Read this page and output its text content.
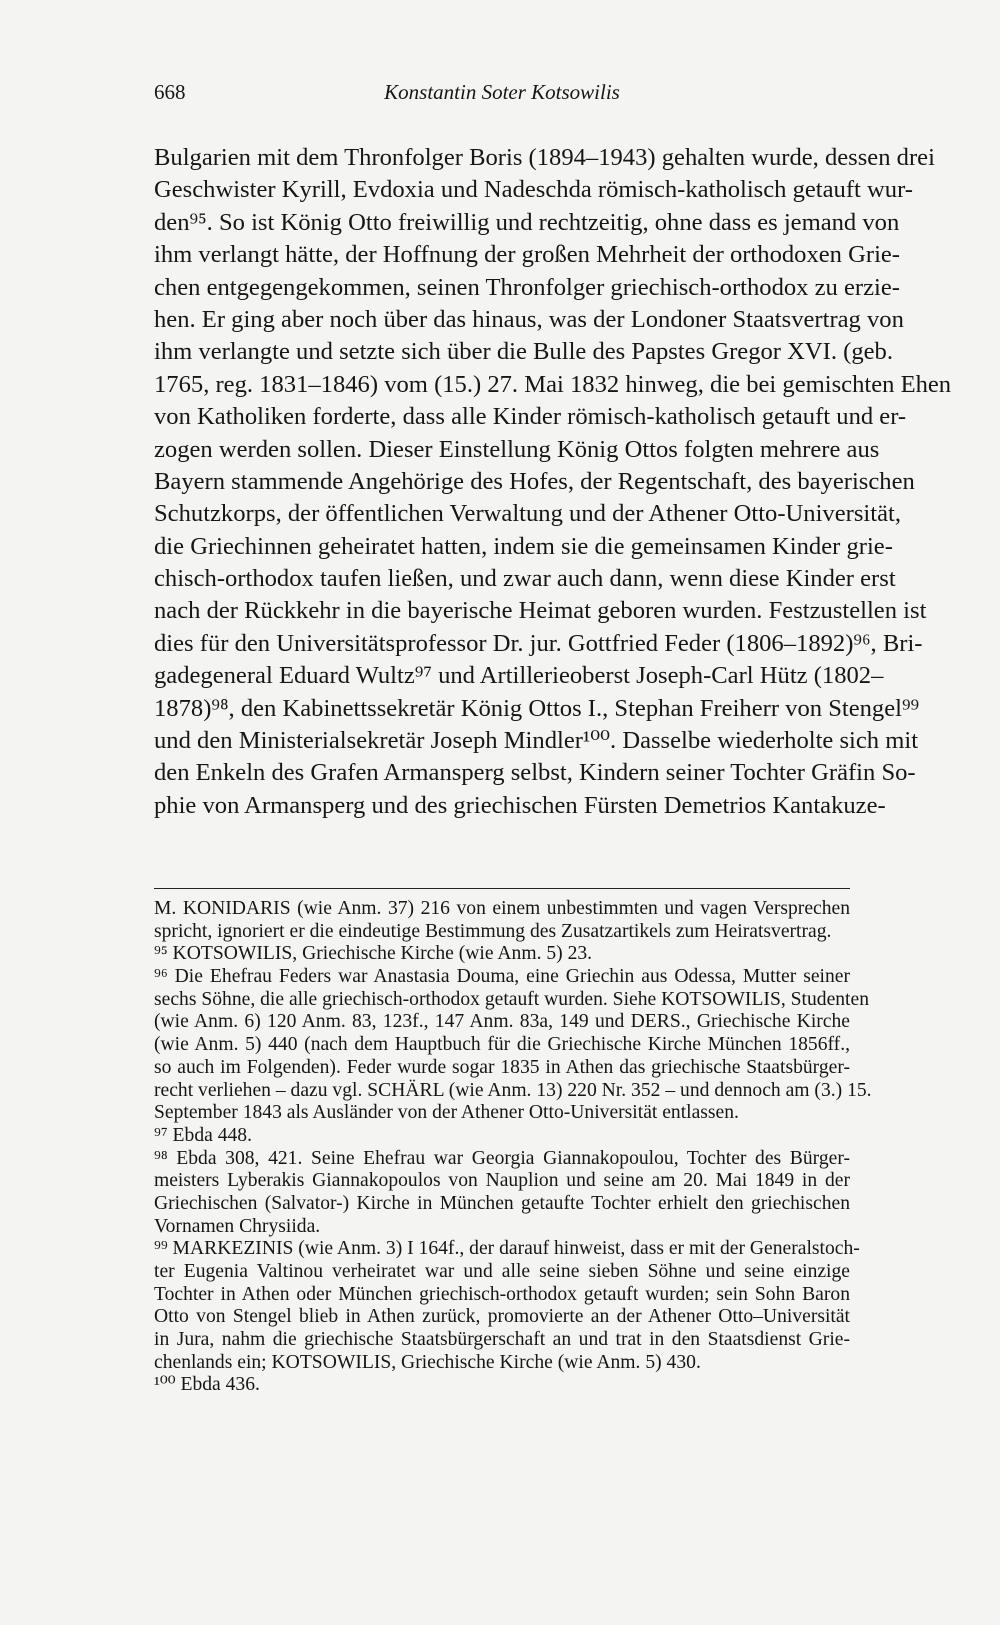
668	Konstantin Soter Kotsowilis
Bulgarien mit dem Thronfolger Boris (1894–1943) gehalten wurde, dessen drei
Geschwister Kyrill, Evdoxia und Nadeschda römisch-katholisch getauft wur-
den⁹⁵. So ist König Otto freiwillig und rechtzeitig, ohne dass es jemand von
ihm verlangt hätte, der Hoffnung der großen Mehrheit der orthodoxen Grie-
chen entgegengekommen, seinen Thronfolger griechisch-orthodox zu erzie-
hen. Er ging aber noch über das hinaus, was der Londoner Staatsvertrag von
ihm verlangte und setzte sich über die Bulle des Papstes Gregor XVI. (geb.
1765, reg. 1831–1846) vom (15.) 27. Mai 1832 hinweg, die bei gemischten Ehen
von Katholiken forderte, dass alle Kinder römisch-katholisch getauft und er-
zogen werden sollen. Dieser Einstellung König Ottos folgten mehrere aus
Bayern stammende Angehörige des Hofes, der Regentschaft, des bayerischen
Schutzkorps, der öffentlichen Verwaltung und der Athener Otto-Universität,
die Griechinnen geheiratet hatten, indem sie die gemeinsamen Kinder grie-
chisch-orthodox taufen ließen, und zwar auch dann, wenn diese Kinder erst
nach der Rückkehr in die bayerische Heimat geboren wurden. Festzustellen ist
dies für den Universitätsprofessor Dr. jur. Gottfried Feder (1806–1892)⁹⁶, Bri-
gadegeneral Eduard Wultz⁹⁷ und Artillerieoberst Joseph-Carl Hütz (1802–
1878)⁹⁸, den Kabinettssekretär König Ottos I., Stephan Freiherr von Stengel⁹⁹
und den Ministerialsekretär Joseph Mindler¹⁰⁰. Dasselbe wiederholte sich mit
den Enkeln des Grafen Armansperg selbst, Kindern seiner Tochter Gräfin So-
phie von Armansperg und des griechischen Fürsten Demetrios Kantakuze-
M. KONIDARIS (wie Anm. 37) 216 von einem unbestimmten und vagen Versprechen
spricht, ignoriert er die eindeutige Bestimmung des Zusatzartikels zum Heiratsvertrag.
⁹⁵ KOTSOWILIS, Griechische Kirche (wie Anm. 5) 23.
⁹⁶ Die Ehefrau Feders war Anastasia Douma, eine Griechin aus Odessa, Mutter seiner
sechs Söhne, die alle griechisch-orthodox getauft wurden. Siehe KOTSOWILIS, Studenten
(wie Anm. 6) 120 Anm. 83, 123f., 147 Anm. 83a, 149 und DERS., Griechische Kirche
(wie Anm. 5) 440 (nach dem Hauptbuch für die Griechische Kirche München 1856ff.,
so auch im Folgenden). Feder wurde sogar 1835 in Athen das griechische Staatsbürger-
recht verliehen – dazu vgl. SCHÄRL (wie Anm. 13) 220 Nr. 352 – und dennoch am (3.) 15.
September 1843 als Ausländer von der Athener Otto-Universität entlassen.
⁹⁷ Ebda 448.
⁹⁸ Ebda 308, 421. Seine Ehefrau war Georgia Giannakopoulou, Tochter des Bürger-
meisters Lyberakis Giannakopoulos von Nauplion und seine am 20. Mai 1849 in der
Griechischen (Salvator-) Kirche in München getaufte Tochter erhielt den griechischen
Vornamen Chrysiida.
⁹⁹ MARKEZINIS (wie Anm. 3) I 164f., der darauf hinweist, dass er mit der Generalstoch-
ter Eugenia Valtinou verheiratet war und alle seine sieben Söhne und seine einzige
Tochter in Athen oder München griechisch-orthodox getauft wurden; sein Sohn Baron
Otto von Stengel blieb in Athen zurück, promovierte an der Athener Otto–Universität
in Jura, nahm die griechische Staatsbürgerschaft an und trat in den Staatsdienst Grie-
chenlands ein; KOTSOWILIS, Griechische Kirche (wie Anm. 5) 430.
¹⁰⁰ Ebda 436.
